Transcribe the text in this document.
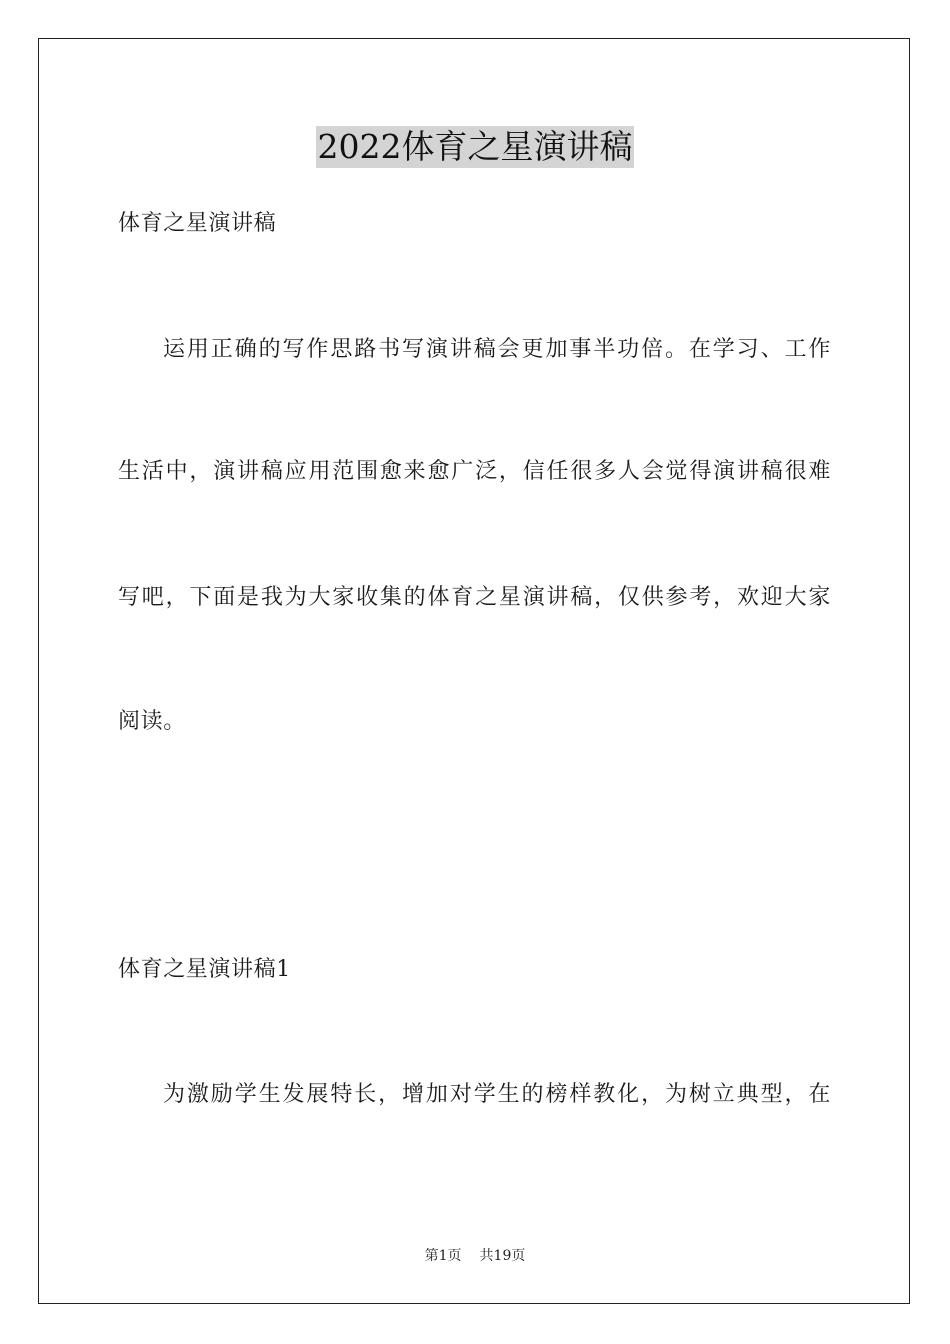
2022体育之星演讲稿
体育之星演讲稿
运用正确的写作思路书写演讲稿会更加事半功倍。在学习、工作
生活中，演讲稿应用范围愈来愈广泛，信任很多人会觉得演讲稿很难
写吧，下面是我为大家收集的体育之星演讲稿，仅供参考，欢迎大家
阅读。
体育之星演讲稿1
为激励学生发展特长，增加对学生的榜样教化，为树立典型，在
第1页 共19页
